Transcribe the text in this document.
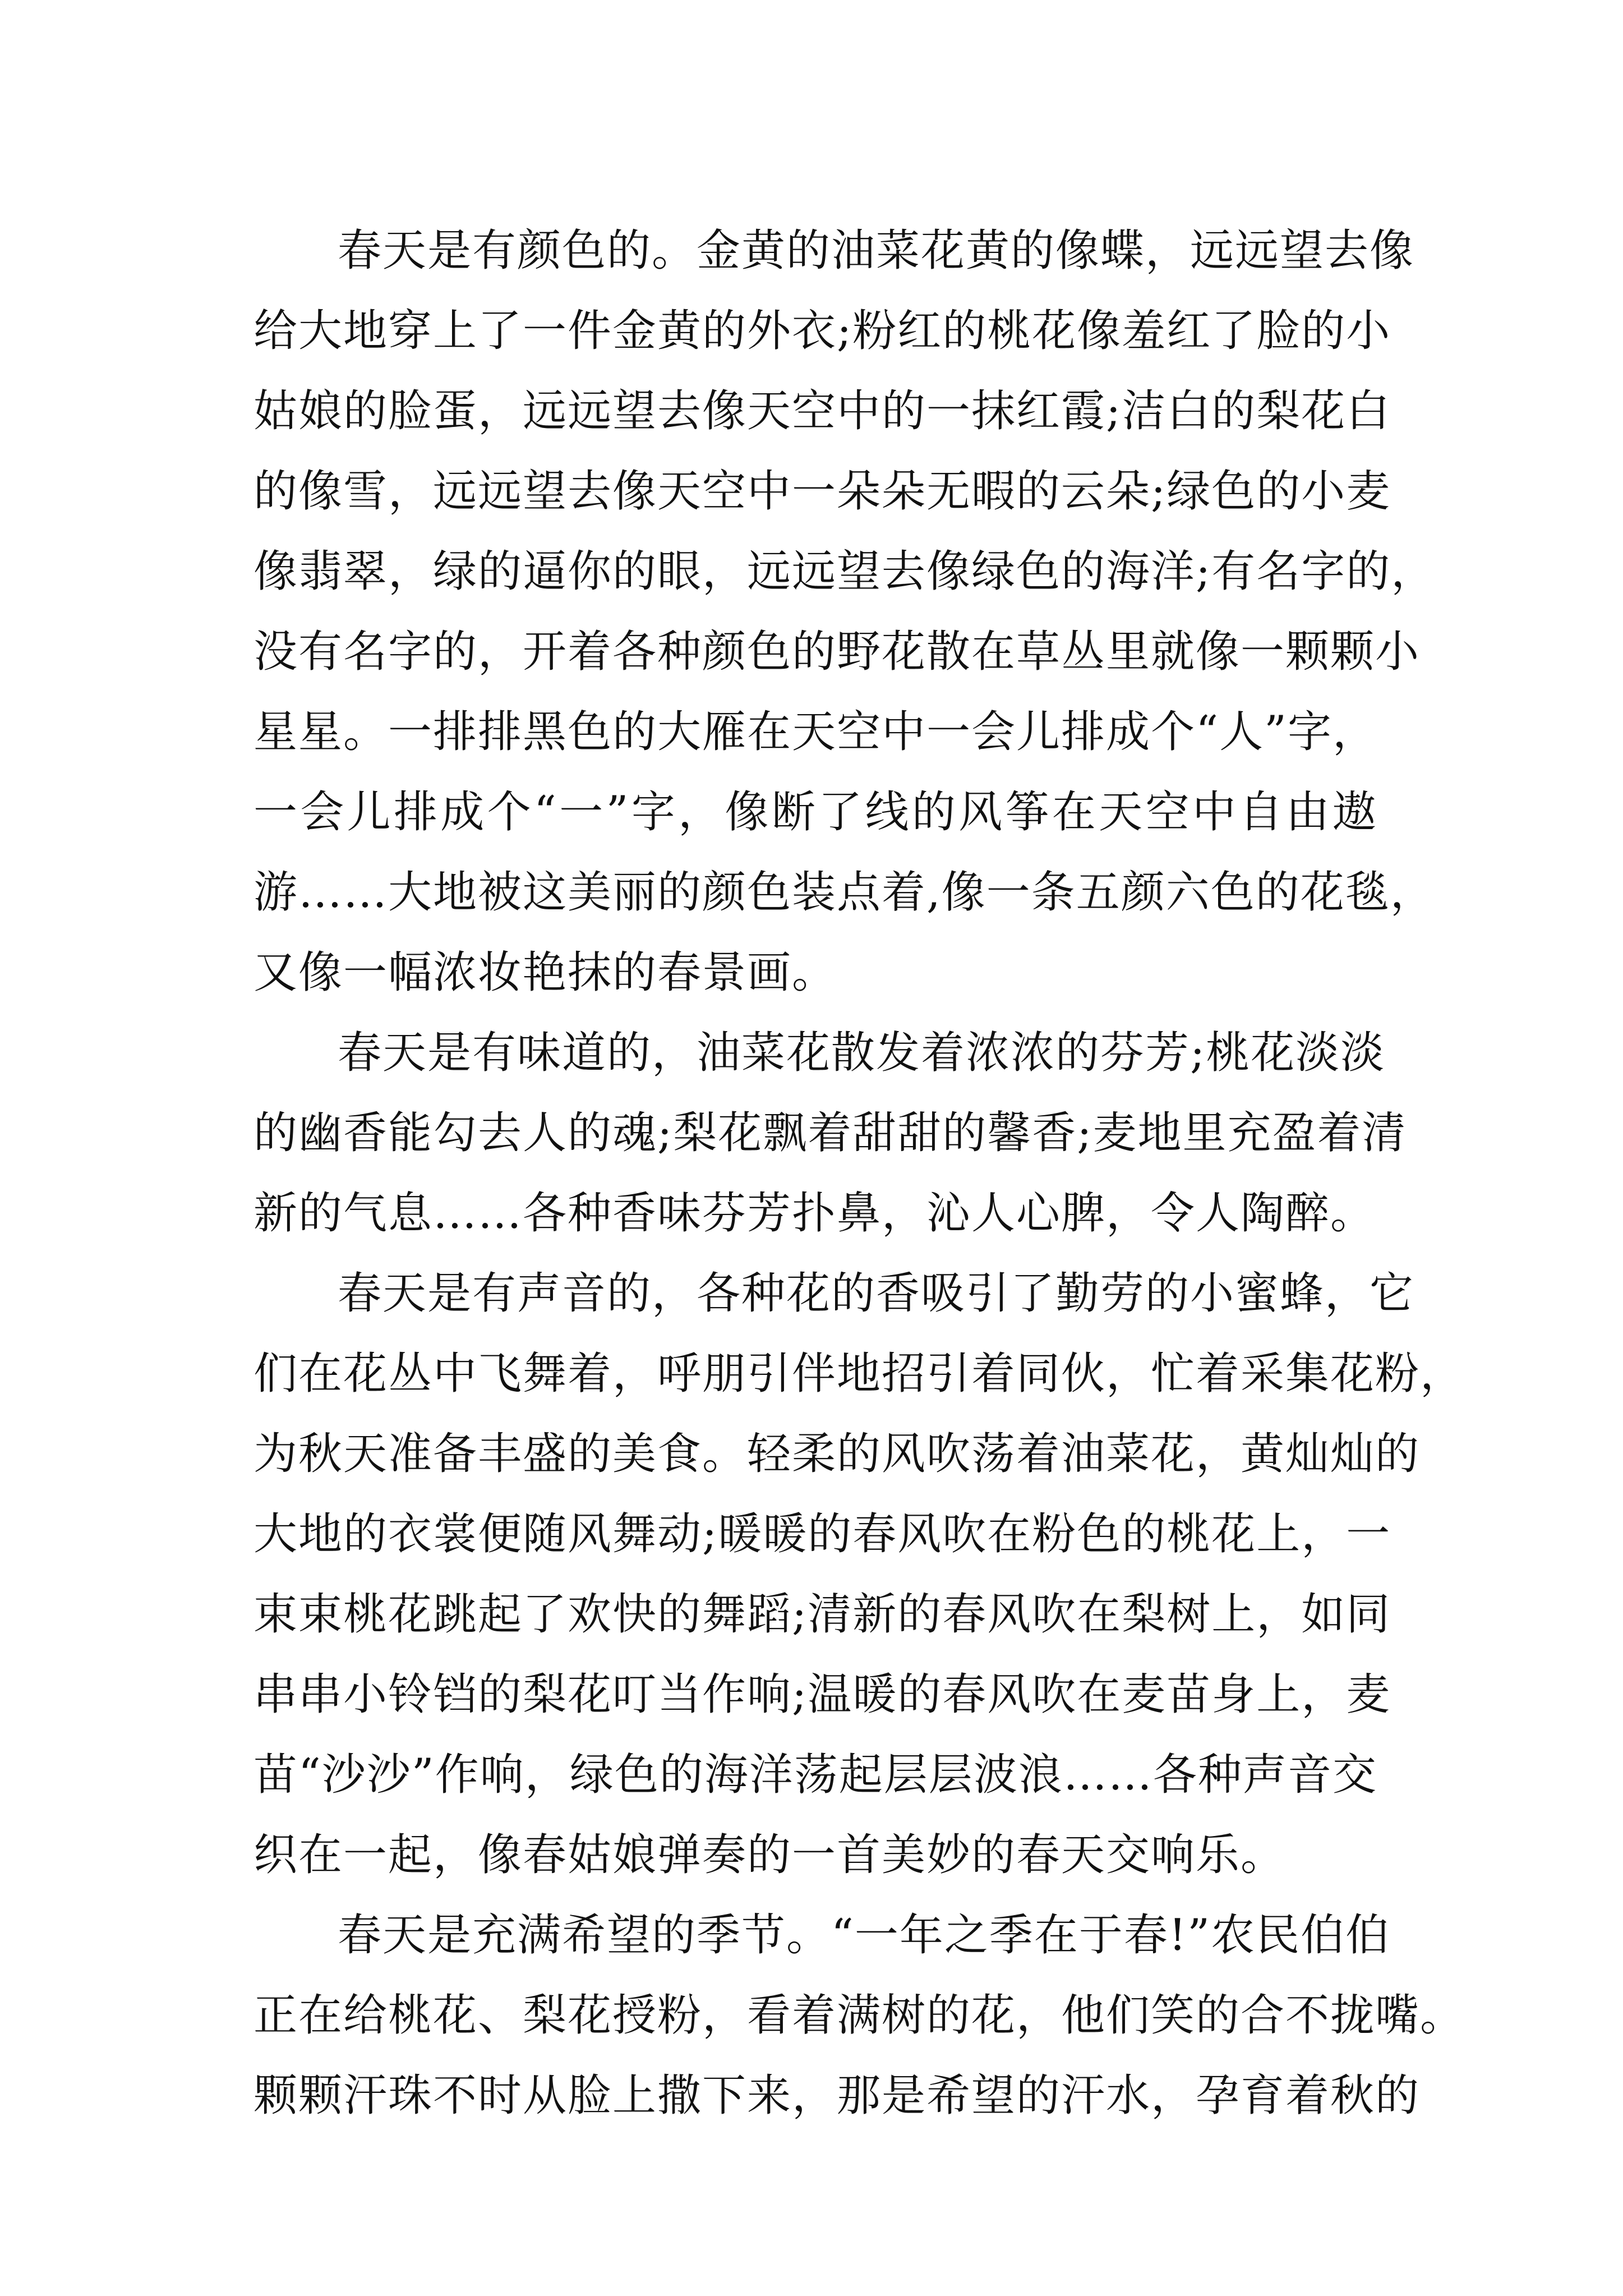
春天是有颜色的。金黄的油菜花黄的像蝶，远远望去像
给大地穿上了一件金黄的外衣;粉红的桃花像羞红了脸的小
姑娘的脸蛋，远远望去像天空中的一抹红霞;洁白的梨花白
的像雪，远远望去像天空中一朵朵无暇的云朵;绿色的小麦
像翡翠，绿的逼你的眼，远远望去像绿色的海洋;有名字的，
没有名字的，开着各种颜色的野花散在草丛里就像一颗颗小
星星。一排排黑色的大雁在天空中一会儿排成个“人”字，
一会儿排成个“一”字，像断了线的风筝在天空中自由遨
游……大地被这美丽的颜色装点着,像一条五颜六色的花毯，
又像一幅浓妆艳抹的春景画。
春天是有味道的，油菜花散发着浓浓的芬芳;桃花淡淡
的幽香能勾去人的魂;梨花飘着甜甜的馨香;麦地里充盈着清
新的气息……各种香味芬芳扑鼻，沁人心脾，令人陶醉。
春天是有声音的，各种花的香吸引了勤劳的小蜜蜂，它
们在花丛中飞舞着，呼朋引伴地招引着同伙，忙着采集花粉，
为秋天准备丰盛的美食。轻柔的风吹荡着油菜花，黄灿灿的
大地的衣裳便随风舞动;暖暖的春风吹在粉色的桃花上，一
束束桃花跳起了欢快的舞蹈;清新的春风吹在梨树上，如同
串串小铃铛的梨花叮当作响;温暖的春风吹在麦苗身上，麦
苗“沙沙”作响，绿色的海洋荡起层层波浪……各种声音交
织在一起，像春姑娘弹奏的一首美妙的春天交响乐。
春天是充满希望的季节。“一年之季在于春!”农民伯伯
正在给桃花、梨花授粉，看着满树的花，他们笑的合不拢嘴。
颗颗汗珠不时从脸上撒下来，那是希望的汗水，孕育着秋的
